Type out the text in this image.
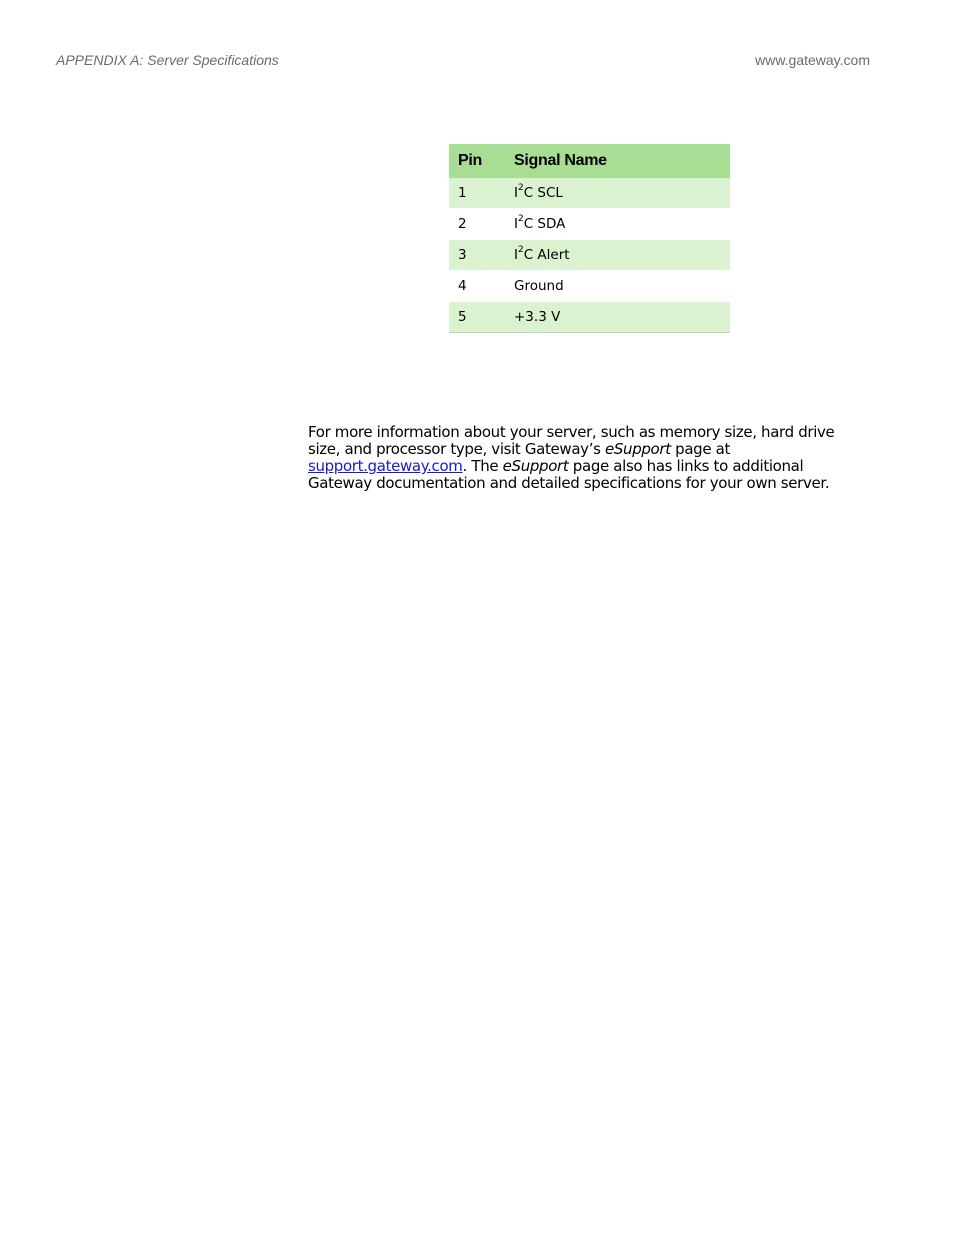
APPENDIX A: Server Specifications	www.gateway.com
Pin	Signal Name
1	$I^2C$ SCL
2	$I^2C$ SDA
3	$I^2C$ Alert
4	Ground
5	+3.3 V

For more information about your server, such as memory size, hard drive size, and processor type, visit Gateway’s eSupport page at support.gateway.com. The eSupport page also has links to additional Gateway documentation and detailed specifications for your own server.
